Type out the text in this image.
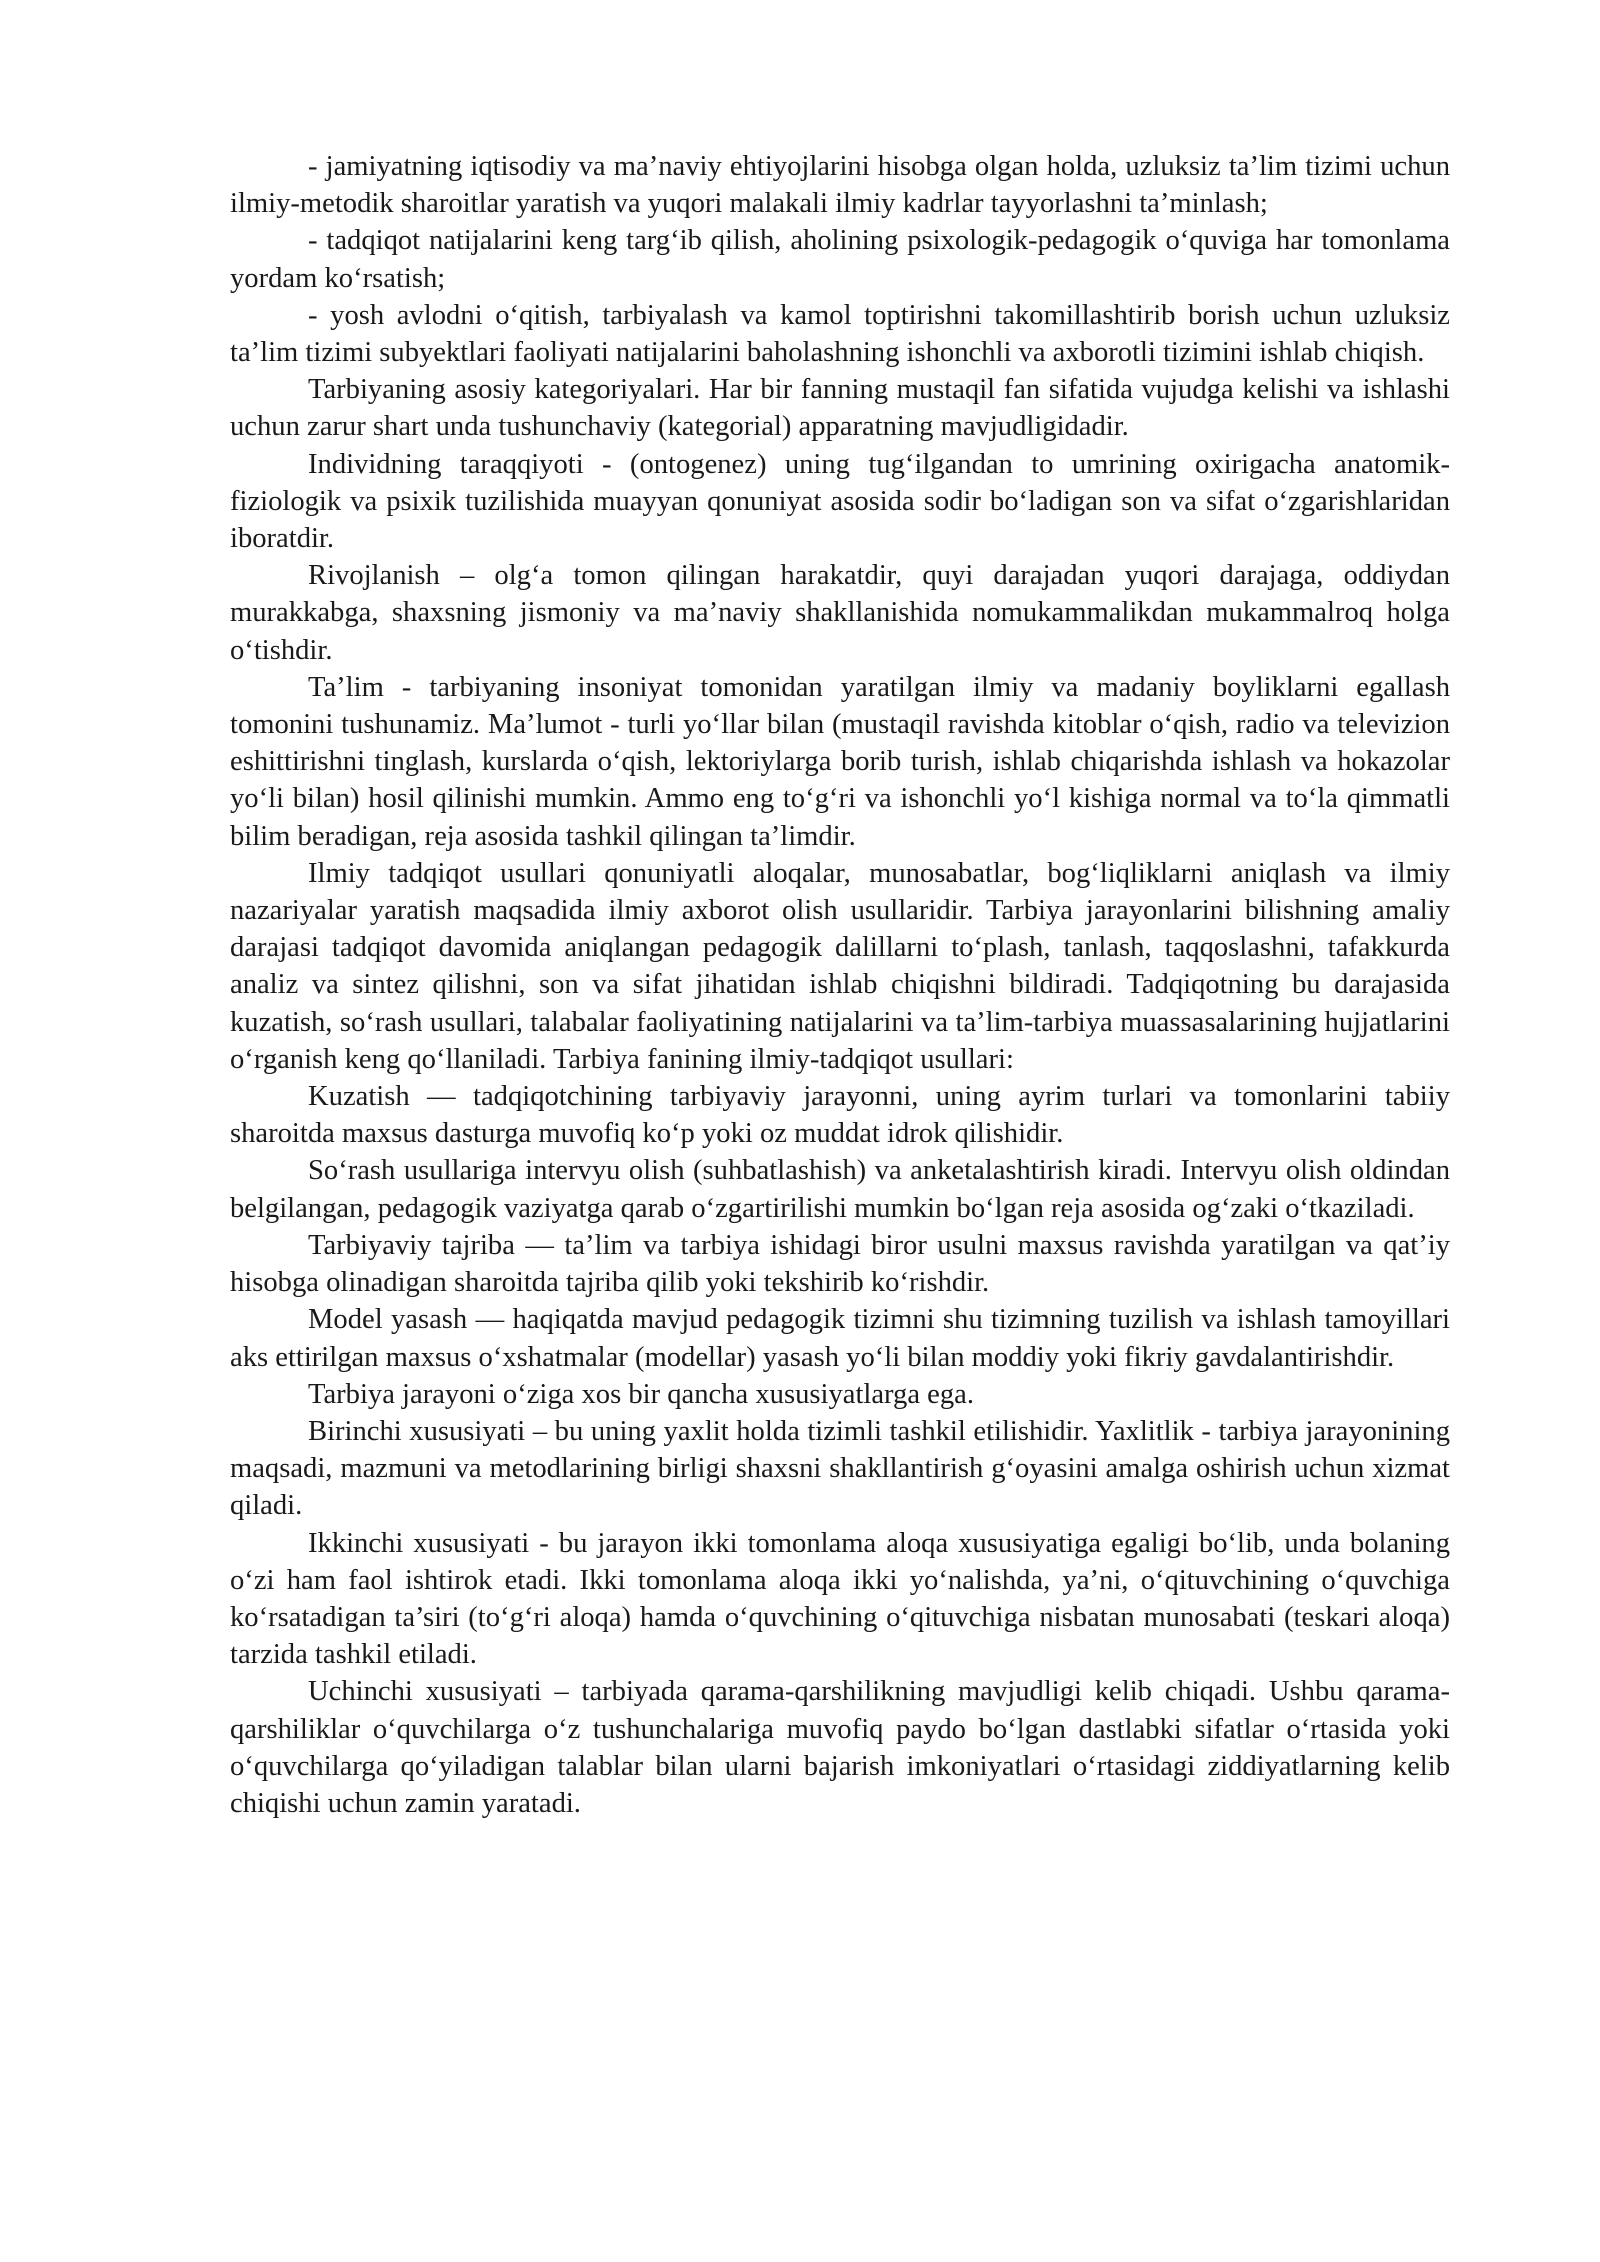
- jamiyatning iqtisodiy va ma’naviy ehtiyojlarini hisobga olgan holda, uzluksiz ta’lim tizimi uchun ilmiy-metodik sharoitlar yaratish va yuqori malakali ilmiy kadrlar tayyorlashni ta’minlash;

- tadqiqot natijalarini keng targ‘ib qilish, aholining psixologik-pedagogik o‘quviga har tomonlama yordam ko‘rsatish;

- yosh avlodni o‘qitish, tarbiyalash va kamol toptirishni takomillashtirib borish uchun uzluksiz ta’lim tizimi subyektlari faoliyati natijalarini baholashning ishonchli va axborotli tizimini ishlab chiqish.

Tarbiyaning asosiy kategoriyalari. Har bir fanning mustaqil fan sifatida vujudga kelishi va ishlashi uchun zarur shart unda tushunchaviy (kategorial) apparatning mavjudligidadir.

Individning taraqqiyoti - (ontogenez) uning tug‘ilgandan to umrining oxirigacha anatomik-fiziologik va psixik tuzilishida muayyan qonuniyat asosida sodir bo‘ladigan son va sifat o‘zgarishlaridan iboratdir.

Rivojlanish – olg‘a tomon qilingan harakatdir, quyi darajadan yuqori darajaga, oddiydan murakkabga, shaxsning jismoniy va ma’naviy shakllanishida nomukammalikdan mukammalroq holga o‘tishdir.

Ta’lim - tarbiyaning insoniyat tomonidan yaratilgan ilmiy va madaniy boyliklarni egallash tomonini tushunamiz. Ma’lumot - turli yo‘llar bilan (mustaqil ravishda kitoblar o‘qish, radio va televizion eshittirishni tinglash, kurslarda o‘qish, lektoriylarga borib turish, ishlab chiqarishda ishlash va hokazolar yo‘li bilan) hosil qilinishi mumkin. Ammo eng to‘g‘ri va ishonchli yo‘l kishiga normal va to‘la qimmatli bilim beradigan, reja asosida tashkil qilingan ta’limdir.

Ilmiy tadqiqot usullari qonuniyatli aloqalar, munosabatlar, bog‘liqliklarni aniqlash va ilmiy nazariyalar yaratish maqsadida ilmiy axborot olish usullaridir. Tarbiya jarayonlarini bilishning amaliy darajasi tadqiqot davomida aniqlangan pedagogik dalillarni to‘plash, tanlash, taqqoslashni, tafakkurda analiz va sintez qilishni, son va sifat jihatidan ishlab chiqishni bildiradi. Tadqiqotning bu darajasida kuzatish, so‘rash usullari, talabalar faoliyatining natijalarini va ta’lim-tarbiya muassasalarining hujjatlarini o‘rganish keng qo‘llaniladi. Tarbiya fanining ilmiy-tadqiqot usullari:

Kuzatish — tadqiqotchining tarbiyaviy jarayonni, uning ayrim turlari va tomonlarini tabiiy sharoitda maxsus dasturga muvofiq ko‘p yoki oz muddat idrok qilishidir.

So‘rash usullariga intervyu olish (suhbatlashish) va anketalashtirish kiradi. Intervyu olish oldindan belgilangan, pedagogik vaziyatga qarab o‘zgartirilishi mumkin bo‘lgan reja asosida og‘zaki o‘tkaziladi.

Tarbiyaviy tajriba — ta’lim va tarbiya ishidagi biror usulni maxsus ravishda yaratilgan va qat’iy hisobga olinadigan sharoitda tajriba qilib yoki tekshirib ko‘rishdir.

Model yasash — haqiqatda mavjud pedagogik tizimni shu tizimning tuzilish va ishlash tamoyillari aks ettirilgan maxsus o‘xshatmalar (modellar) yasash yo‘li bilan moddiy yoki fikriy gavdalantirishdir.

Tarbiya jarayoni o‘ziga xos bir qancha xususiyatlarga ega.

Birinchi xususiyati – bu uning yaxlit holda tizimli tashkil etilishidir. Yaxlitlik - tarbiya jarayonining maqsadi, mazmuni va metodlarining birligi shaxsni shakllantirish g‘oyasini amalga oshirish uchun xizmat qiladi.

Ikkinchi xususiyati - bu jarayon ikki tomonlama aloqa xususiyatiga egaligi bo‘lib, unda bolaning o‘zi ham faol ishtirok etadi. Ikki tomonlama aloqa ikki yo‘nalishda, ya’ni, o‘qituvchining o‘quvchiga ko‘rsatadigan ta’siri (to‘g‘ri aloqa) hamda o‘quvchining o‘qituvchiga nisbatan munosabati (teskari aloqa) tarzida tashkil etiladi.

Uchinchi xususiyati – tarbiyada qarama-qarshilikning mavjudligi kelib chiqadi. Ushbu qarama-qarshiliklar o‘quvchilarga o‘z tushunchalariga muvofiq paydo bo‘lgan dastlabki sifatlar o‘rtasida yoki o‘quvchilarga qo‘yiladigan talablar bilan ularni bajarish imkoniyatlari o‘rtasidagi ziddiyatlarning kelib chiqishi uchun zamin yaratadi.
